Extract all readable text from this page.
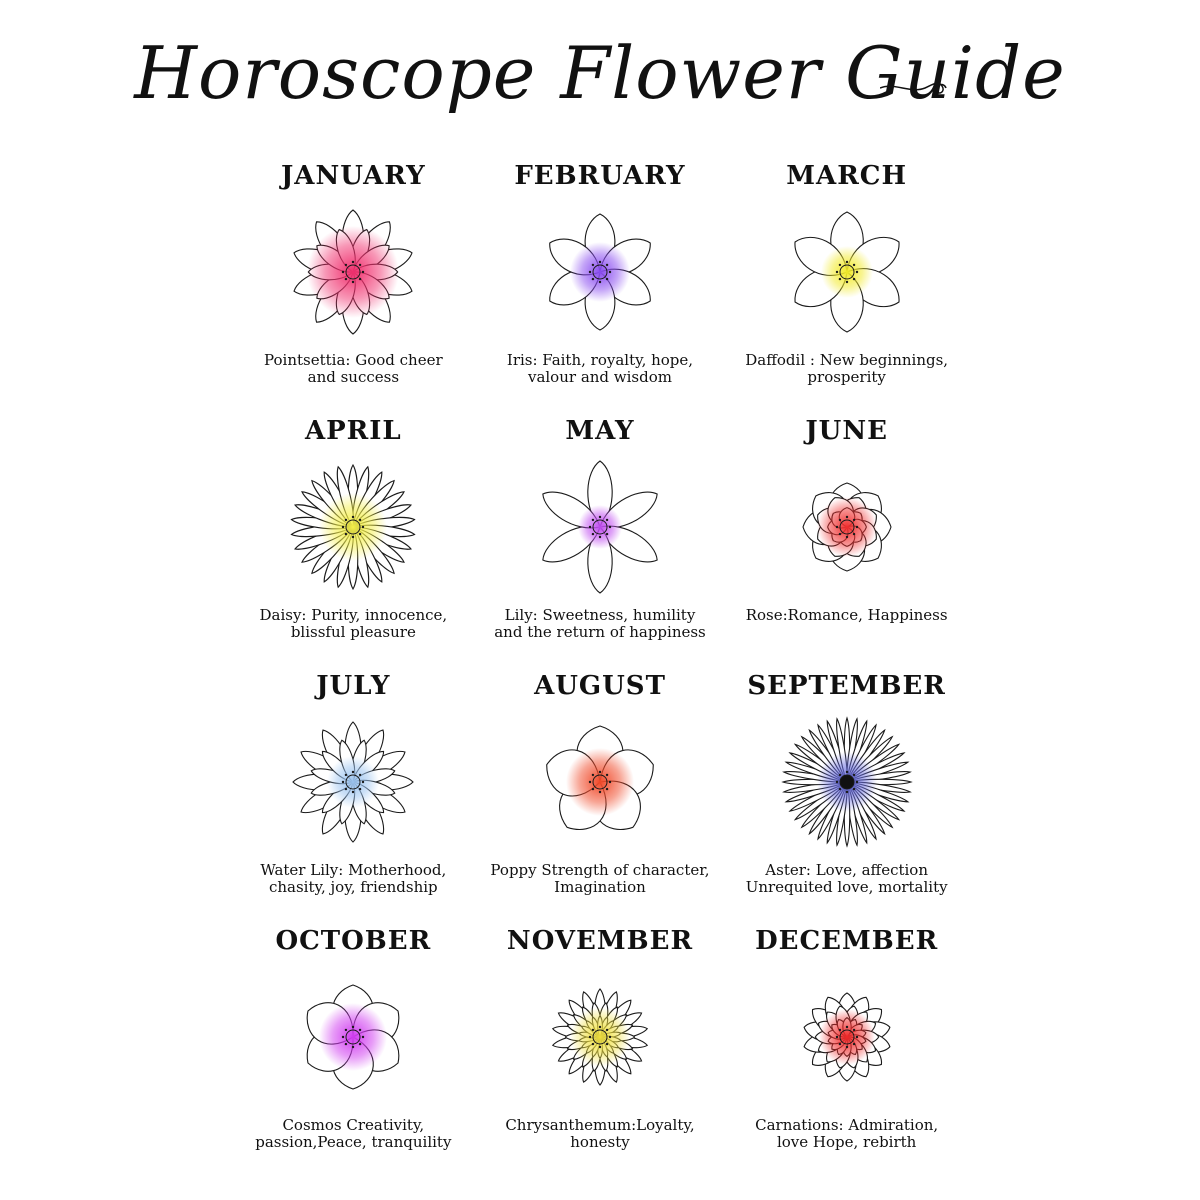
Horoscope Flower Guide
JANUARY
Pointsettia: Good cheer
and success
FEBRUARY
Iris: Faith, royalty, hope,
valour and wisdom
MARCH
Daffodil : New beginnings,
prosperity
APRIL
Daisy: Purity, innocence,
blissful pleasure
MAY
Lily: Sweetness, humility
and the return of happiness
JUNE
Rose:Romance, Happiness
JULY
Water Lily: Motherhood,
chasity, joy, friendship
AUGUST
Poppy Strength of character,
Imagination
SEPTEMBER
Aster: Love, affection
Unrequited love, mortality
OCTOBER
Cosmos Creativity,
passion,Peace, tranquility
NOVEMBER
Chrysanthemum:Loyalty,
honesty
DECEMBER
Carnations: Admiration,
love Hope, rebirth
